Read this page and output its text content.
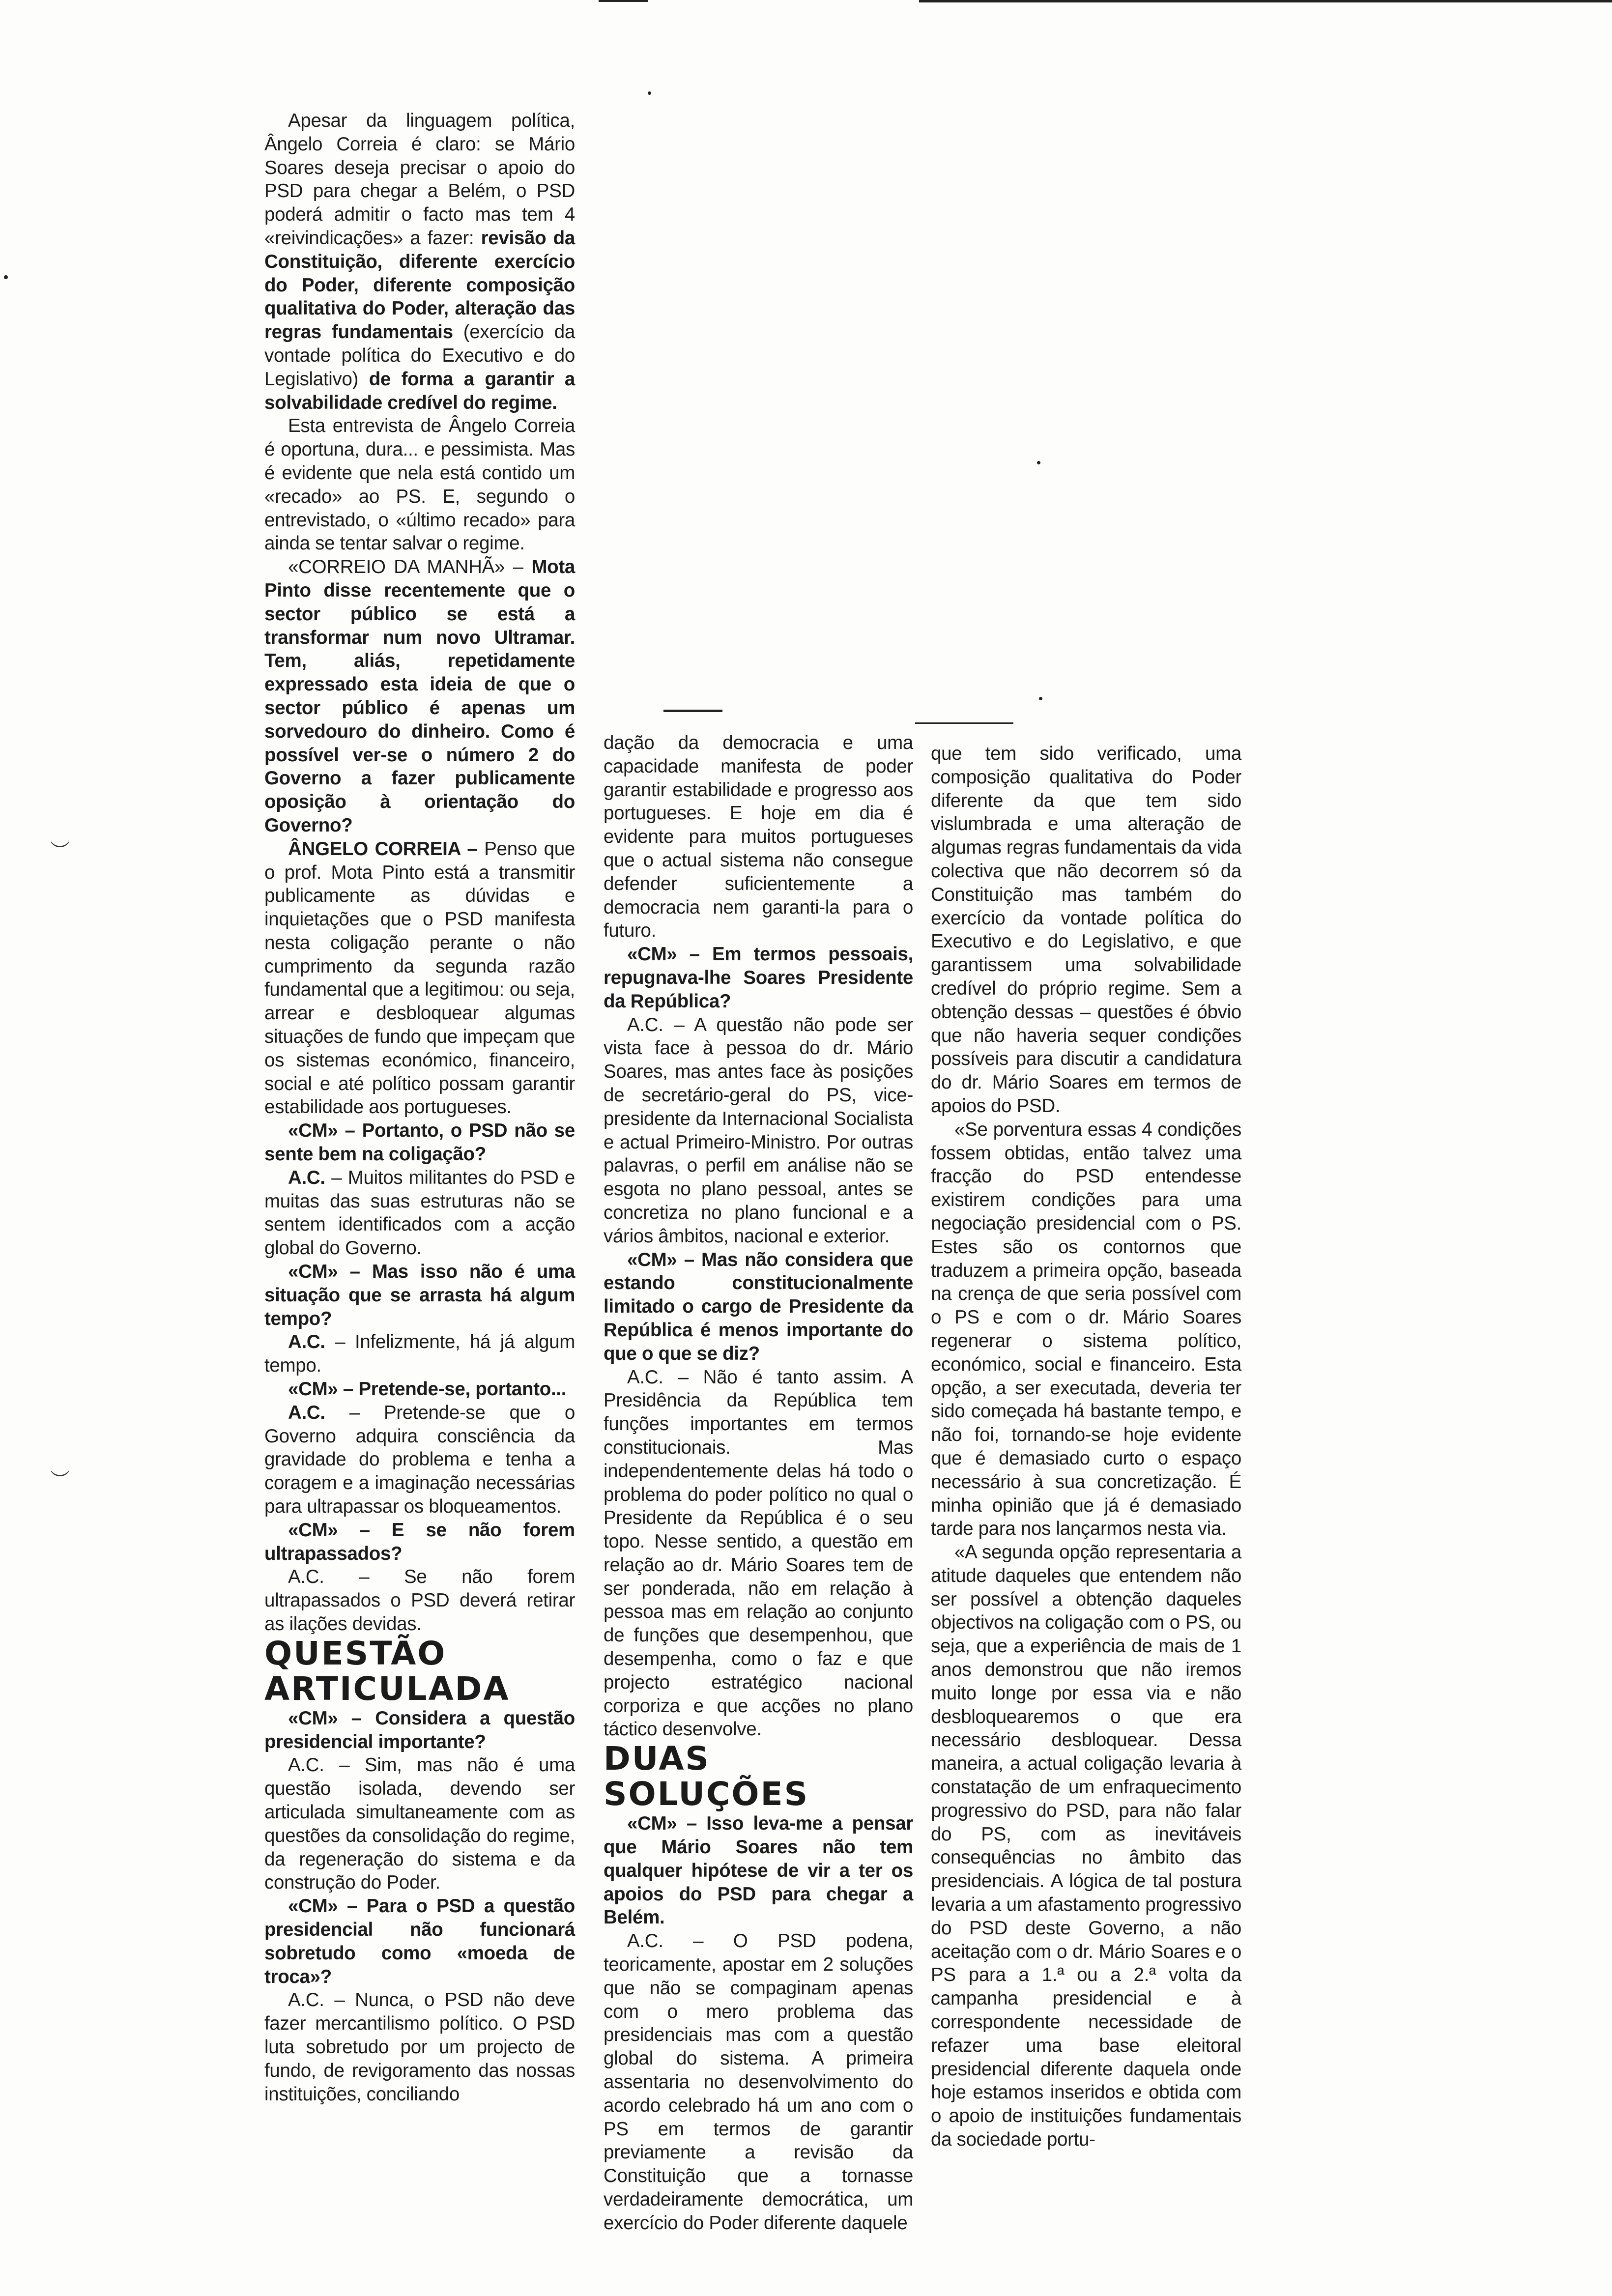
︶
︶

Apesar da linguagem política, Ângelo Correia é claro: se Mário Soares deseja precisar o apoio do PSD para chegar a Belém, o PSD poderá admitir o facto mas tem 4 «reivindicações» a fazer: revisão da Constituição, diferente exercício do Poder, diferente composição qualitativa do Poder, alteração das regras fundamentais (exercício da vontade política do Executivo e do Legislativo) de forma a garantir a solvabilidade credível do regime.

Esta entrevista de Ângelo Correia é oportuna, dura... e pessimista. Mas é evidente que nela está contido um «recado» ao PS. E, segundo o entrevistado, o «último recado» para ainda se tentar salvar o regime.

«CORREIO DA MANHÃ» – Mota Pinto disse recentemente que o sector público se está a transformar num novo Ultramar. Tem, aliás, repetidamente expressado esta ideia de que o sector público é apenas um sorvedouro do dinheiro. Como é possível ver-se o número 2 do Governo a fazer publicamente oposição à orientação do Governo?

ÂNGELO CORREIA – Penso que o prof. Mota Pinto está a transmitir publicamente as dúvidas e inquietações que o PSD manifesta nesta coligação perante o não cumprimento da segunda razão fundamental que a legitimou: ou seja, arrear e desbloquear algumas situações de fundo que impeçam que os sistemas económico, financeiro, social e até político possam garantir estabilidade aos portugueses.

«CM» – Portanto, o PSD não se sente bem na coligação?

A.C. – Muitos militantes do PSD e muitas das suas estruturas não se sentem identificados com a acção global do Governo.

«CM» – Mas isso não é uma situação que se arrasta há algum tempo?

A.C. – Infelizmente, há já algum tempo.

«CM» – Pretende-se, portanto...

A.C. – Pretende-se que o Governo adquira consciência da gravidade do problema e tenha a coragem e a imaginação necessárias para ultrapassar os bloqueamentos.

«CM» – E se não forem ultrapassados?

A.C. – Se não forem ultrapassados o PSD deverá retirar as ilações devidas.

QUESTÃO ARTICULADA

«CM» – Considera a questão presidencial importante?

A.C. – Sim, mas não é uma questão isolada, devendo ser articulada simultaneamente com as questões da consolidação do regime, da regeneração do sistema e da construção do Poder.

«CM» – Para o PSD a questão presidencial não funcionará sobretudo como «moeda de troca»?

A.C. – Nunca, o PSD não deve fazer mercantilismo político. O PSD luta sobretudo por um projecto de fundo, de revigoramento das nossas instituições, conciliando

dação da democracia e uma capacidade manifesta de poder garantir estabilidade e progresso aos portugueses. E hoje em dia é evidente para muitos portugueses que o actual sistema não consegue defender suficientemente a democracia nem garanti-la para o futuro.

«CM» – Em termos pessoais, repugnava-lhe Soares Presidente da República?

A.C. – A questão não pode ser vista face à pessoa do dr. Mário Soares, mas antes face às posições de secretário-geral do PS, vice-presidente da Internacional Socialista e actual Primeiro-Ministro. Por outras palavras, o perfil em análise não se esgota no plano pessoal, antes se concretiza no plano funcional e a vários âmbitos, nacional e exterior.

«CM» – Mas não considera que estando constitucionalmente limitado o cargo de Presidente da República é menos importante do que o que se diz?

A.C. – Não é tanto assim. A Presidência da República tem funções importantes em termos constitucionais. Mas independentemente delas há todo o problema do poder político no qual o Presidente da República é o seu topo. Nesse sentido, a questão em relação ao dr. Mário Soares tem de ser ponderada, não em relação à pessoa mas em relação ao conjunto de funções que desempenhou, que desempenha, como o faz e que projecto estratégico nacional corporiza e que acções no plano táctico desenvolve.

DUAS SOLUÇÕES

«CM» – Isso leva-me a pensar que Mário Soares não tem qualquer hipótese de vir a ter os apoios do PSD para chegar a Belém.

A.C. – O PSD podena, teoricamente, apostar em 2 soluções que não se compaginam apenas com o mero problema das presidenciais mas com a questão global do sistema. A primeira assentaria no desenvolvimento do acordo celebrado há um ano com o PS em termos de garantir previamente a revisão da Constituição que a tornasse verdadeiramente democrática, um exercício do Poder diferente daquele

que tem sido verificado, uma composição qualitativa do Poder diferente da que tem sido vislumbrada e uma alteração de algumas regras fundamentais da vida colectiva que não decorrem só da Constituição mas também do exercício da vontade política do Executivo e do Legislativo, e que garantissem uma solvabilidade credível do próprio regime. Sem a obtenção dessas – questões é óbvio que não haveria sequer condições possíveis para discutir a candidatura do dr. Mário Soares em termos de apoios do PSD.

«Se porventura essas 4 condições fossem obtidas, então talvez uma fracção do PSD entendesse existirem condições para uma negociação presidencial com o PS. Estes são os contornos que traduzem a primeira opção, baseada na crença de que seria possível com o PS e com o dr. Mário Soares regenerar o sistema político, económico, social e financeiro. Esta opção, a ser executada, deveria ter sido começada há bastante tempo, e não foi, tornando-se hoje evidente que é demasiado curto o espaço necessário à sua concretização. É minha opinião que já é demasiado tarde para nos lançarmos nesta via.

«A segunda opção representaria a atitude daqueles que entendem não ser possível a obtenção daqueles objectivos na coligação com o PS, ou seja, que a experiência de mais de 1 anos demonstrou que não iremos muito longe por essa via e não desbloquearemos o que era necessário desbloquear. Dessa maneira, a actual coligação levaria à constatação de um enfraquecimento progressivo do PSD, para não falar do PS, com as inevitáveis consequências no âmbito das presidenciais. A lógica de tal postura levaria a um afastamento progressivo do PSD deste Governo, a não aceitação com o dr. Mário Soares e o PS para a 1.ª ou a 2.ª volta da campanha presidencial e à correspondente necessidade de refazer uma base eleitoral presidencial diferente daquela onde hoje estamos inseridos e obtida com o apoio de instituições fundamentais da sociedade portu-
